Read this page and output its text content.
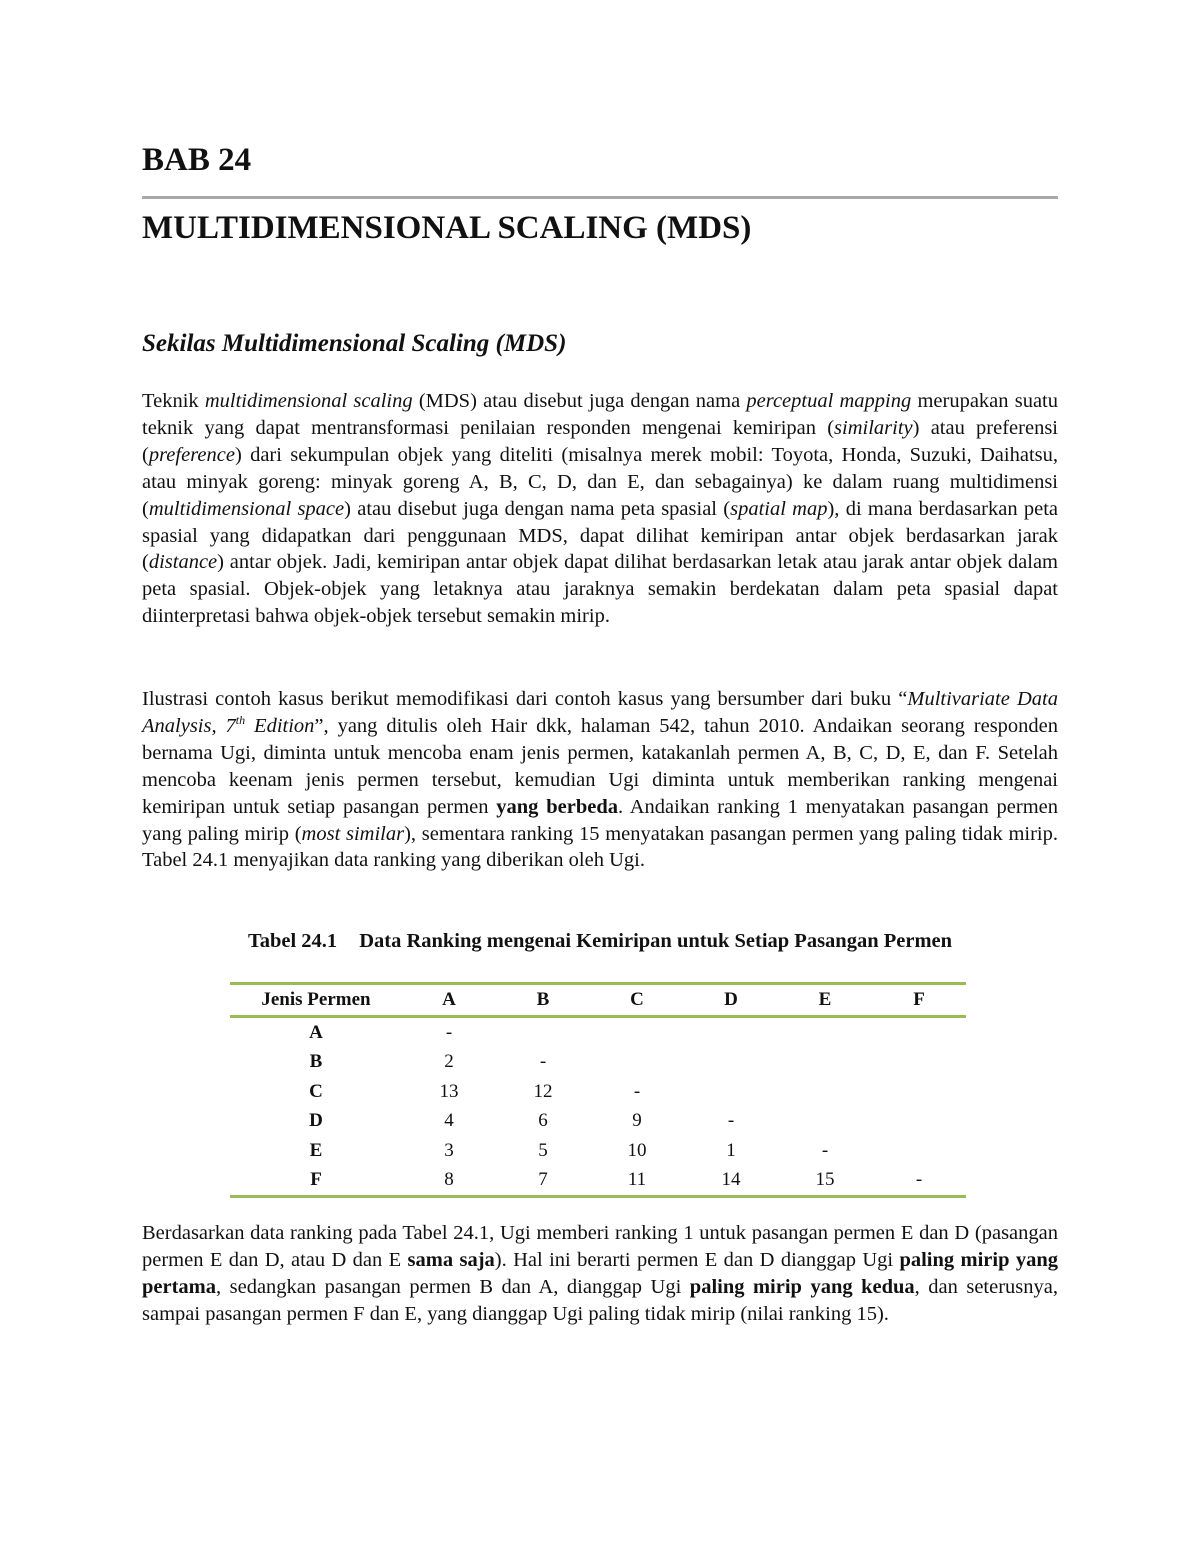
BAB 24
MULTIDIMENSIONAL SCALING (MDS)
Sekilas Multidimensional Scaling (MDS)
Teknik multidimensional scaling (MDS) atau disebut juga dengan nama perceptual mapping merupakan suatu teknik yang dapat mentransformasi penilaian responden mengenai kemiripan (similarity) atau preferensi (preference) dari sekumpulan objek yang diteliti (misalnya merek mobil: Toyota, Honda, Suzuki, Daihatsu, atau minyak goreng: minyak goreng A, B, C, D, dan E, dan sebagainya) ke dalam ruang multidimensi (multidimensional space) atau disebut juga dengan nama peta spasial (spatial map), di mana berdasarkan peta spasial yang didapatkan dari penggunaan MDS, dapat dilihat kemiripan antar objek berdasarkan jarak (distance) antar objek. Jadi, kemiripan antar objek dapat dilihat berdasarkan letak atau jarak antar objek dalam peta spasial. Objek-objek yang letaknya atau jaraknya semakin berdekatan dalam peta spasial dapat diinterpretasi bahwa objek-objek tersebut semakin mirip.
Ilustrasi contoh kasus berikut memodifikasi dari contoh kasus yang bersumber dari buku “Multivariate Data Analysis, 7th Edition”, yang ditulis oleh Hair dkk, halaman 542, tahun 2010. Andaikan seorang responden bernama Ugi, diminta untuk mencoba enam jenis permen, katakanlah permen A, B, C, D, E, dan F. Setelah mencoba keenam jenis permen tersebut, kemudian Ugi diminta untuk memberikan ranking mengenai kemiripan untuk setiap pasangan permen yang berbeda. Andaikan ranking 1 menyatakan pasangan permen yang paling mirip (most similar), sementara ranking 15 menyatakan pasangan permen yang paling tidak mirip. Tabel 24.1 menyajikan data ranking yang diberikan oleh Ugi.
Tabel 24.1 Data Ranking mengenai Kemiripan untuk Setiap Pasangan Permen
Jenis Permen	A	B	C	D	E	F
A	-					
B	2	-				
C	13	12	-			
D	4	6	9	-		
E	3	5	10	1	-	
F	8	7	11	14	15	-
Berdasarkan data ranking pada Tabel 24.1, Ugi memberi ranking 1 untuk pasangan permen E dan D (pasangan permen E dan D, atau D dan E sama saja). Hal ini berarti permen E dan D dianggap Ugi paling mirip yang pertama, sedangkan pasangan permen B dan A, dianggap Ugi paling mirip yang kedua, dan seterusnya, sampai pasangan permen F dan E, yang dianggap Ugi paling tidak mirip (nilai ranking 15).
